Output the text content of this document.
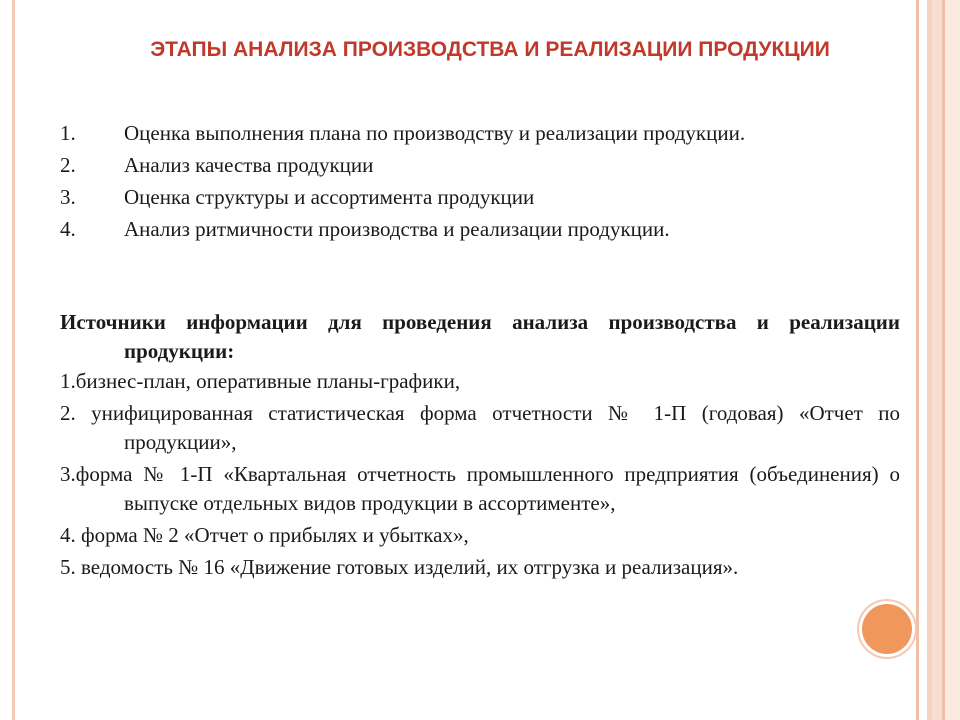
ЭТАПЫ АНАЛИЗА ПРОИЗВОДСТВА И РЕАЛИЗАЦИИ ПРОДУКЦИИ
1.	Оценка выполнения плана по производству и реализации продукции.
2.	Анализ качества продукции
3.	Оценка структуры и ассортимента продукции
4.	Анализ ритмичности производства и реализации продукции.
Источники информации для проведения анализа производства и реализации продукции:
1.бизнес-план, оперативные планы-графики,
2. унифицированная статистическая форма отчетности № 1-П (годовая) «Отчет по продукции»,
3.форма № 1-П «Квартальная отчетность промышленного предприятия (объединения) о выпуске отдельных видов продукции в ассортименте»,
4. форма № 2 «Отчет о прибылях и убытках»,
5. ведомость № 16 «Движение готовых изделий, их отгрузка и реализация».
